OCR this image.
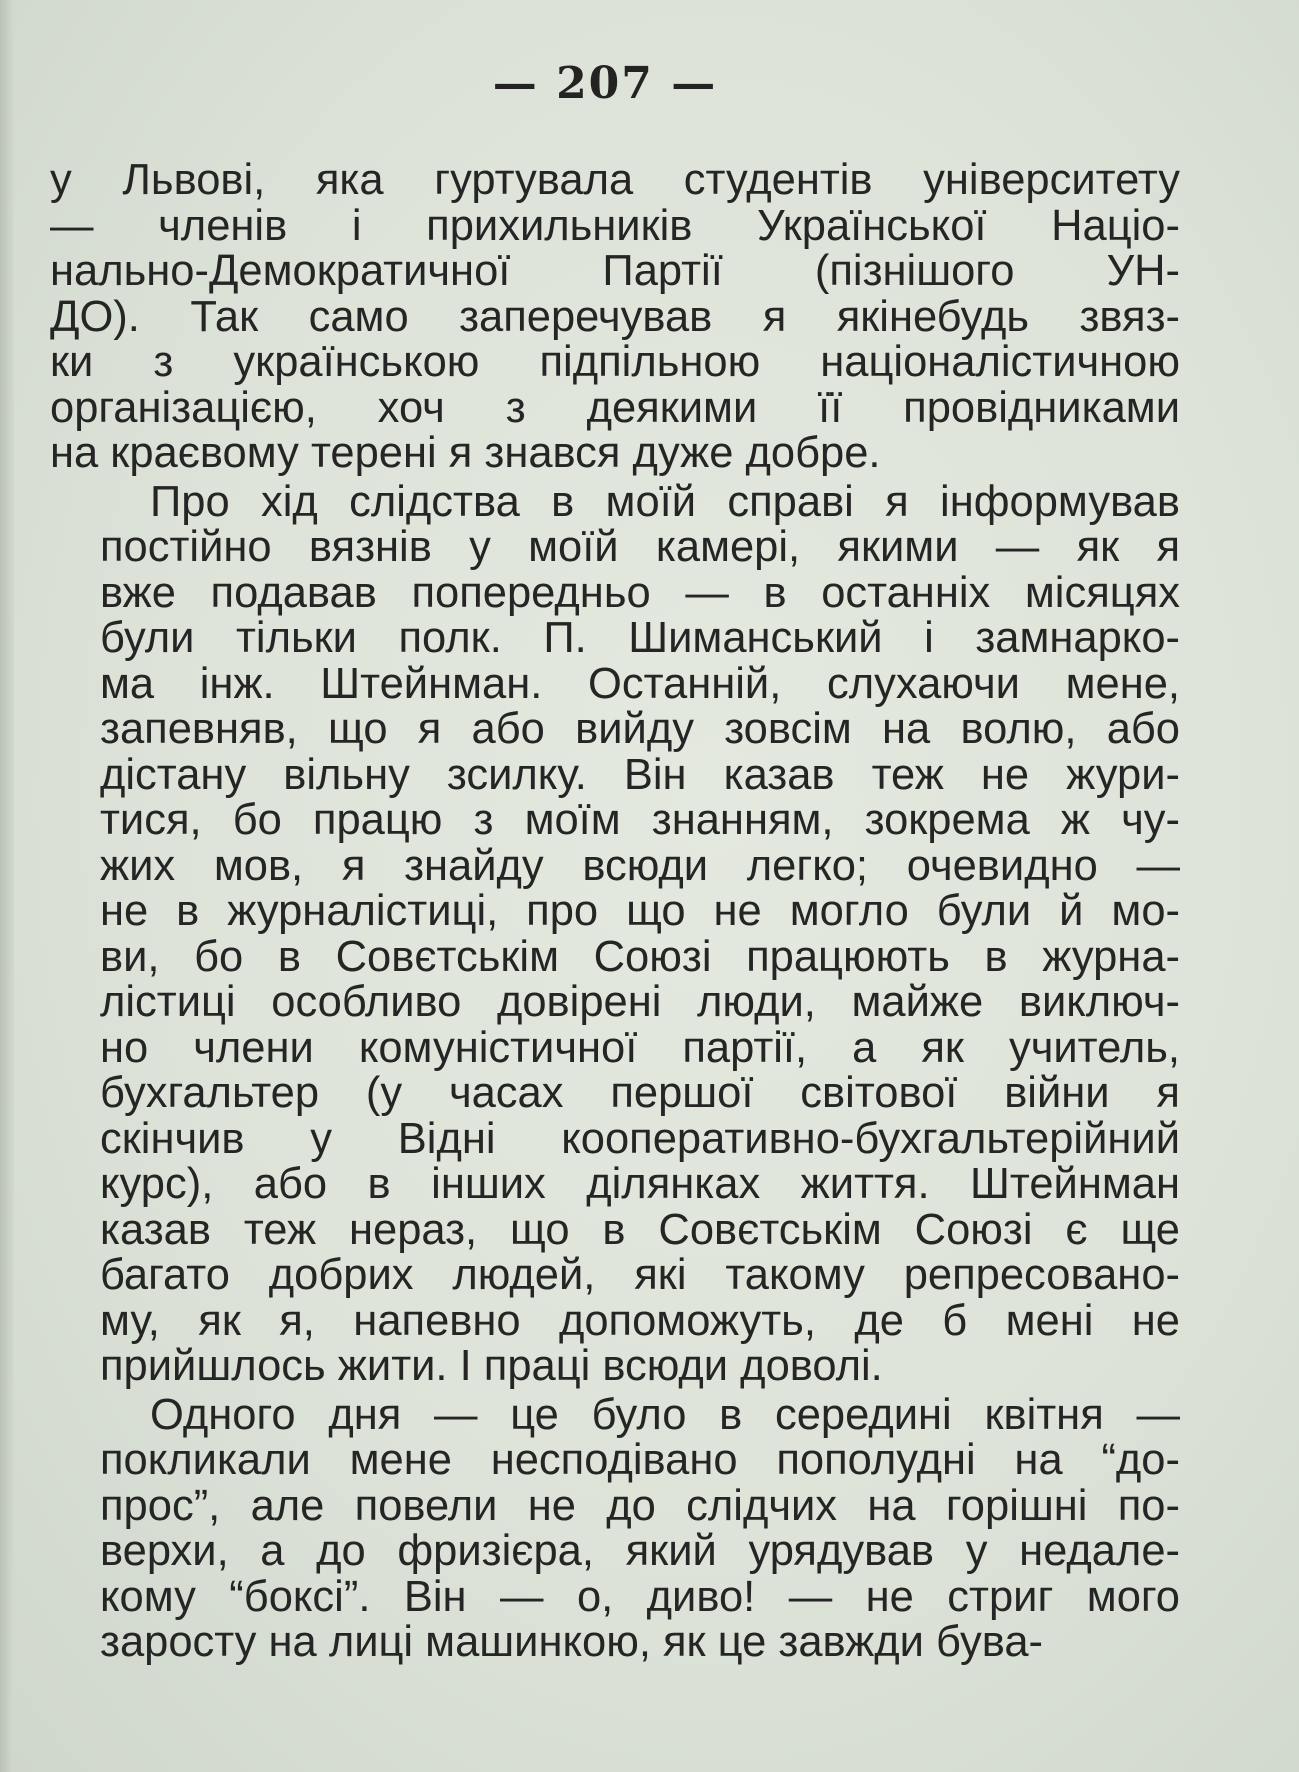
— 207 —

у Львові, яка гуртувала студентів університету
— членів і прихильників Української Націо-
нально-Демократичної Партії (пізнішого УН-
ДО). Так само заперечував я якінебудь звяз-
ки з українською підпільною націоналістичною
організацією, хоч з деякими її провідниками
на краєвому терені я знався дуже добре.
Про хід слідства в моїй справі я інформував
постійно вязнів у моїй камері, якими — як я
вже подавав попередньо — в останніх місяцях
були тільки полк. П. Шиманський і замнарко-
ма інж. Штейнман. Останній, слухаючи мене,
запевняв, що я або вийду зовсім на волю, або
дістану вільну зсилку. Він казав теж не жури-
тися, бо працю з моїм знанням, зокрема ж чу-
жих мов, я знайду всюди легко; очевидно —
не в журналістиці, про що не могло були й мо-
ви, бо в Совєтськім Союзі працюють в журна-
лістиці особливо довірені люди, майже виключ-
но члени комуністичної партії, а як учитель,
бухгальтер (у часах першої світової війни я
скінчив у Відні кооперативно-бухгальтерійний
курс), або в інших ділянках життя. Штейнман
казав теж нераз, що в Совєтськім Союзі є ще
багато добрих людей, які такому репресовано-
му, як я, напевно допоможуть, де б мені не
прийшлось жити. І праці всюди доволі.
Одного дня — це було в середині квітня —
покликали мене несподівано пополудні на “до-
прос”, але повели не до слідчих на горішні по-
верхи, а до фризієра, який урядував у недале-
кому “боксі”. Він — о, диво! — не стриг мого
заросту на лиці машинкою, як це завжди бува-
